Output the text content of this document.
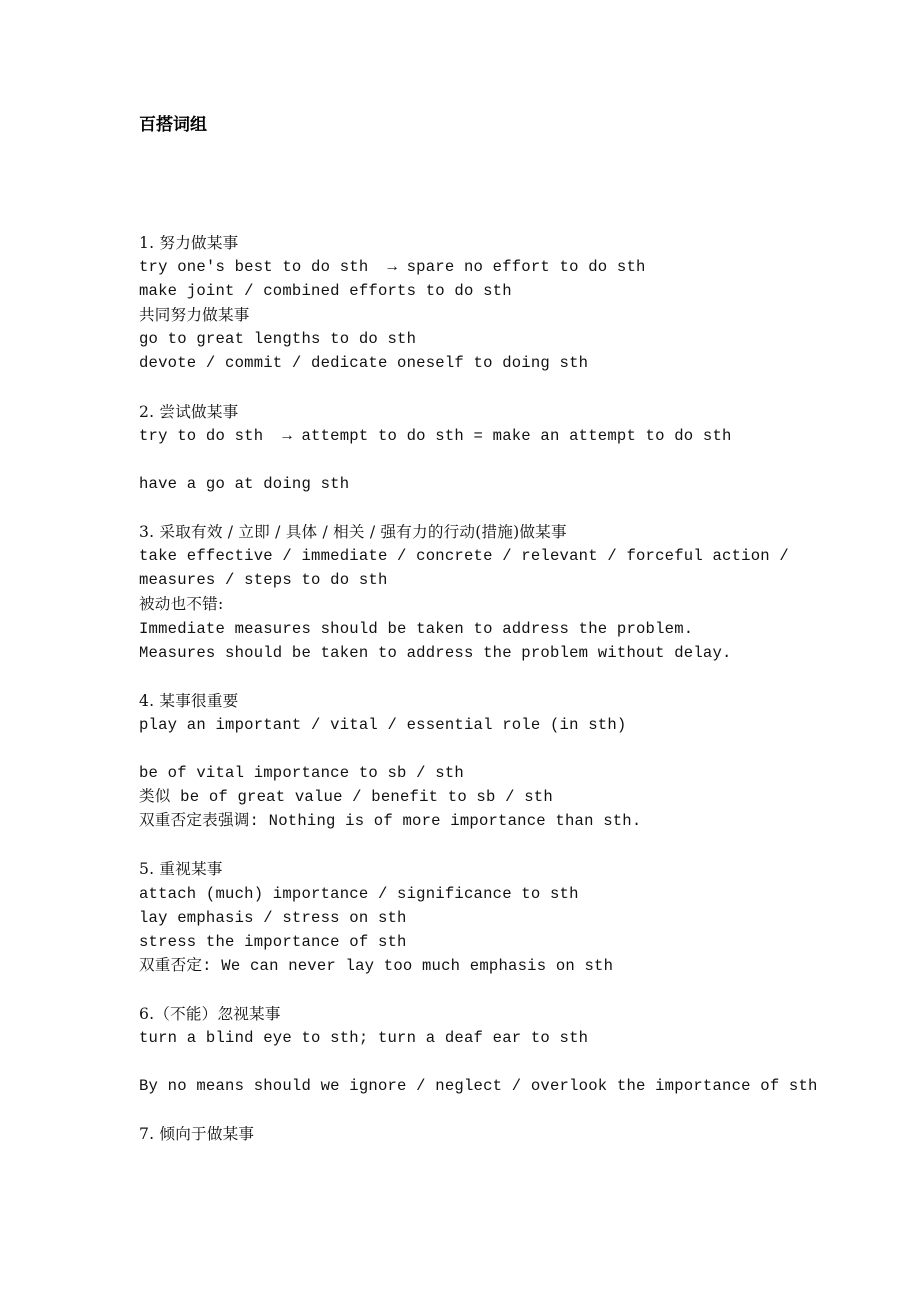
百搭词组
1. 努力做某事
try one's best to do sth  → spare no effort to do sth
make joint / combined efforts to do sth
共同努力做某事
go to great lengths to do sth
devote / commit / dedicate oneself to doing sth
2. 尝试做某事
try to do sth  → attempt to do sth = make an attempt to do sth
have a go at doing sth
3. 采取有效 / 立即 / 具体 / 相关 / 强有力的行动(措施)做某事
take effective / immediate / concrete / relevant / forceful action /
measures / steps to do sth
被动也不错:
Immediate measures should be taken to address the problem.
Measures should be taken to address the problem without delay.
4. 某事很重要
play an important / vital / essential role (in sth)
be of vital importance to sb / sth
类似 be of great value / benefit to sb / sth
双重否定表强调: Nothing is of more importance than sth.
5. 重视某事
attach (much) importance / significance to sth
lay emphasis / stress on sth
stress the importance of sth
双重否定: We can never lay too much emphasis on sth
6.（不能）忽视某事
turn a blind eye to sth; turn a deaf ear to sth
By no means should we ignore / neglect / overlook the importance of sth
7. 倾向于做某事
